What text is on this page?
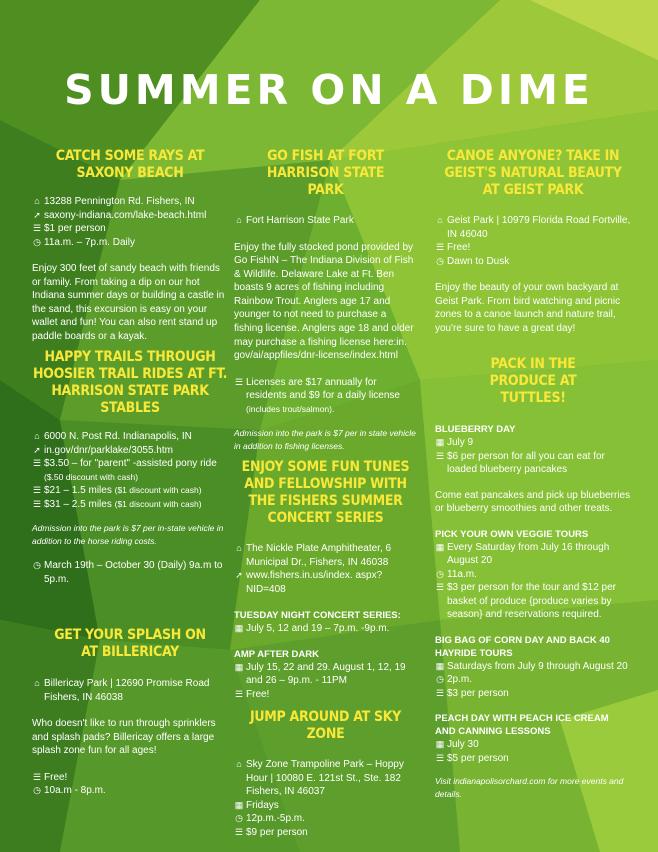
SUMMER ON A DIME
CATCH SOME RAYS AT SAXONY BEACH
⌂ 13288 Pennington Rd. Fishers, IN
➚ saxony-indiana.com/lake-beach.html
☰ $1 per person
◷ 11a.m. – 7p.m. Daily

Enjoy 300 feet of sandy beach with friends or family. From taking a dip on our hot Indiana summer days or building a castle in the sand, this excursion is easy on your wallet and fun! You can also rent stand up paddle boards or a kayak.

HAPPY TRAILS THROUGH HOOSIER TRAIL RIDES AT FT. HARRISON STATE PARK STABLES
⌂ 6000 N. Post Rd. Indianapolis, IN
➚ in.gov/dnr/parklake/3055.htm
☰ $3.50 – for "parent" -assisted pony ride ($.50 discount with cash)
☰ $21 – 1.5 miles ($1 discount with cash)
☰ $31 – 2.5 miles ($1 discount with cash)

Admission into the park is $7 per in-state vehicle in addition to the horse riding costs.

◷ March 19th – October 30 (Daily) 9a.m to 5p.m.
GET YOUR SPLASH ON AT BILLERICAY
⌂ Billericay Park | 12690 Promise Road Fishers, IN 46038

Who doesn't like to run through sprinklers and splash pads? Billericay offers a large splash zone fun for all ages!

☰ Free!
◷ 10a.m - 8p.m.
GO FISH AT FORT HARRISON STATE PARK
⌂ Fort Harrison State Park

Enjoy the fully stocked pond provided by Go FishIN – The Indiana Division of Fish & Wildlife. Delaware Lake at Ft. Ben boasts 9 acres of fishing including Rainbow Trout. Anglers age 17 and younger to not need to purchase a fishing license. Anglers age 18 and older may purchase a fishing license here:in. gov/ai/appfiles/dnr-license/index.html

☰ Licenses are $17 annually for residents and $9 for a daily license (includes trout/salmon).

Admission into the park is $7 per in state vehicle in addition to fishing licenses.

ENJOY SOME FUN TUNES AND FELLOWSHIP WITH THE FISHERS SUMMER CONCERT SERIES
⌂ The Nickle Plate Amphitheater, 6 Municipal Dr., Fishers, IN 46038
➚ www.fishers.in.us/index. aspx?NID=408
TUESDAY NIGHT CONCERT SERIES:
▦ July 5, 12 and 19 – 7p.m. -9p.m.
AMP AFTER DARK
▦ July 15, 22 and 29. August 1, 12, 19 and 26 – 9p.m. - 11PM
☰ Free!
JUMP AROUND AT SKY ZONE
⌂ Sky Zone Trampoline Park – Hoppy Hour | 10080 E. 121st St., Ste. 182 Fishers, IN 46037
▦ Fridays
◷ 12p.m.-5p.m.
☰ $9 per person
CANOE ANYONE? TAKE IN GEIST'S NATURAL BEAUTY AT GEIST PARK
⌂ Geist Park | 10979 Florida Road Fortville, IN 46040
☰ Free!
◷ Dawn to Dusk

Enjoy the beauty of your own backyard at Geist Park. From bird watching and picnic zones to a canoe launch and nature trail, you're sure to have a great day!

PACK IN THE PRODUCE AT TUTTLES!
BLUEBERRY DAY
▦ July 9
☰ $6 per person for all you can eat for loaded blueberry pancakes

Come eat pancakes and pick up blueberries or blueberry smoothies and other treats.

PICK YOUR OWN VEGGIE TOURS
▦ Every Saturday from July 16 through August 20
◷ 11a.m.
☰ $3 per person for the tour and $12 per basket of produce {produce varies by season} and reservations required.
BIG BAG OF CORN DAY AND BACK 40 HAYRIDE TOURS
▦ Saturdays from July 9 through August 20
◷ 2p.m.
☰ $3 per person
PEACH DAY WITH PEACH ICE CREAM AND CANNING LESSONS
▦ July 30
☰ $5 per person

Visit indianapolisorchard.com for more events and details.
